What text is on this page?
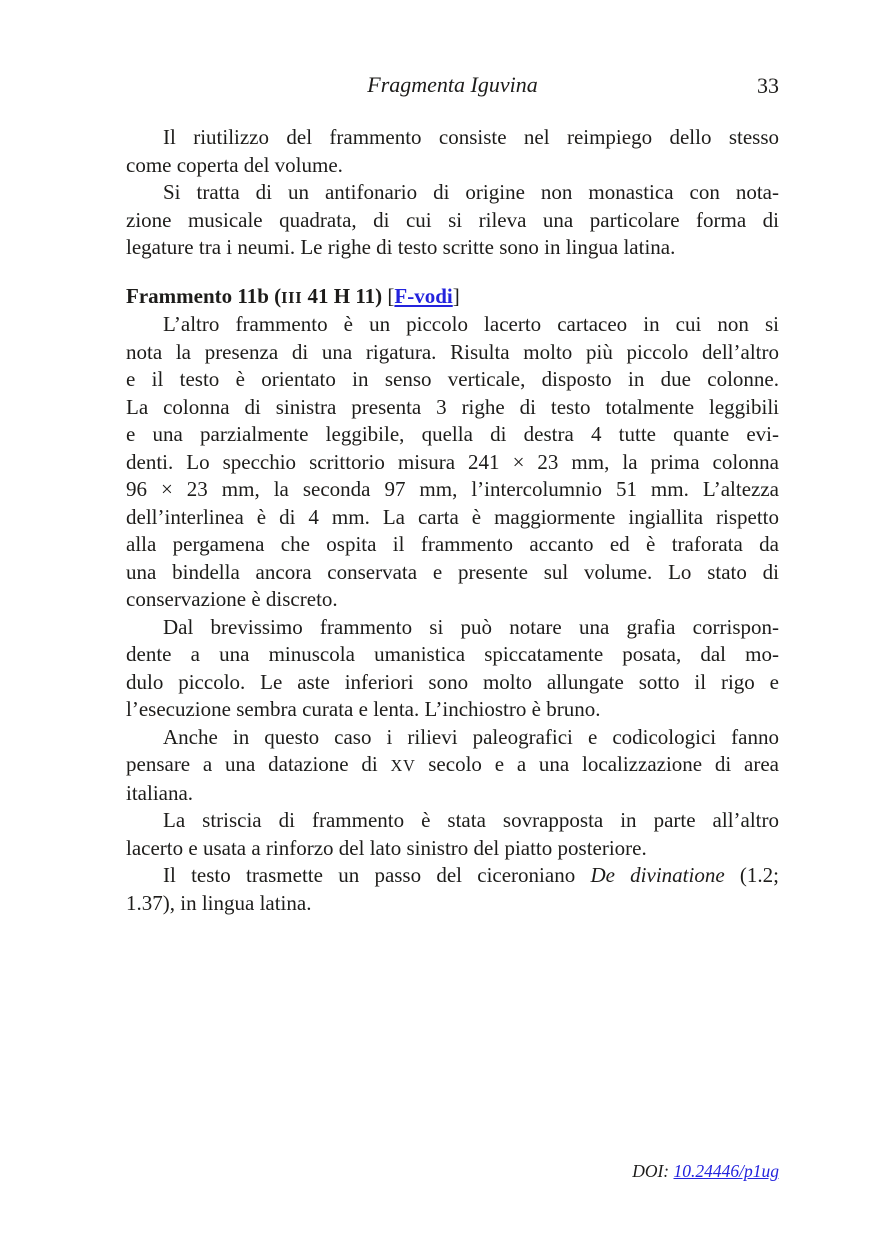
Fragmenta Iguvina	33
Il riutilizzo del frammento consiste nel reimpiego dello stesso
come coperta del volume.
Si tratta di un antifonario di origine non monastica con nota-
zione musicale quadrata, di cui si rileva una particolare forma di
legature tra i neumi. Le righe di testo scritte sono in lingua latina.
Frammento 11b (III 41 H 11) [F-vodi]
L’altro frammento è un piccolo lacerto cartaceo in cui non si
nota la presenza di una rigatura. Risulta molto più piccolo dell’altro
e il testo è orientato in senso verticale, disposto in due colonne.
La colonna di sinistra presenta 3 righe di testo totalmente leggibili
e una parzialmente leggibile, quella di destra 4 tutte quante evi-
denti. Lo specchio scrittorio misura 241 × 23 mm, la prima colonna
96 × 23 mm, la seconda 97 mm, l’intercolumnio 51 mm. L’altezza
dell’interlinea è di 4 mm. La carta è maggiormente ingiallita rispetto
alla pergamena che ospita il frammento accanto ed è traforata da
una bindella ancora conservata e presente sul volume. Lo stato di
conservazione è discreto.
Dal brevissimo frammento si può notare una grafia corrispon-
dente a una minuscola umanistica spiccatamente posata, dal mo-
dulo piccolo. Le aste inferiori sono molto allungate sotto il rigo e
l’esecuzione sembra curata e lenta. L’inchiostro è bruno.
Anche in questo caso i rilievi paleografici e codicologici fanno
pensare a una datazione di XV secolo e a una localizzazione di area
italiana.
La striscia di frammento è stata sovrapposta in parte all’altro
lacerto e usata a rinforzo del lato sinistro del piatto posteriore.
Il testo trasmette un passo del ciceroniano De divinatione (1.2;
1.37), in lingua latina.
DOI: 10.24446/p1ug
